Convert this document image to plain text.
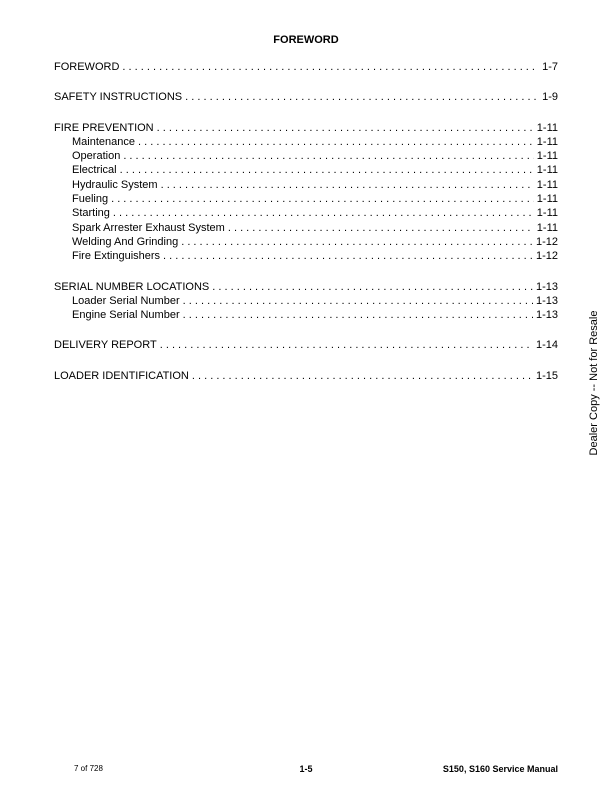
FOREWORD
FOREWORD . . .	1-7
SAFETY INSTRUCTIONS . . .	1-9
FIRE PREVENTION . . .	1-11
Maintenance . . .	1-11
Operation . . .	1-11
Electrical . . .	1-11
Hydraulic System . . .	1-11
Fueling . . .	1-11
Starting . . .	1-11
Spark Arrester Exhaust System . . .	1-11
Welding And Grinding . . .	1-12
Fire Extinguishers . . .	1-12
SERIAL NUMBER LOCATIONS . . .	1-13
Loader Serial Number . . .	1-13
Engine Serial Number . . .	1-13
DELIVERY REPORT . . .	1-14
LOADER IDENTIFICATION . . .	1-15	Dealer Copy -- Not for Resale
7 of 728	1-5	S150, S160 Service Manual
